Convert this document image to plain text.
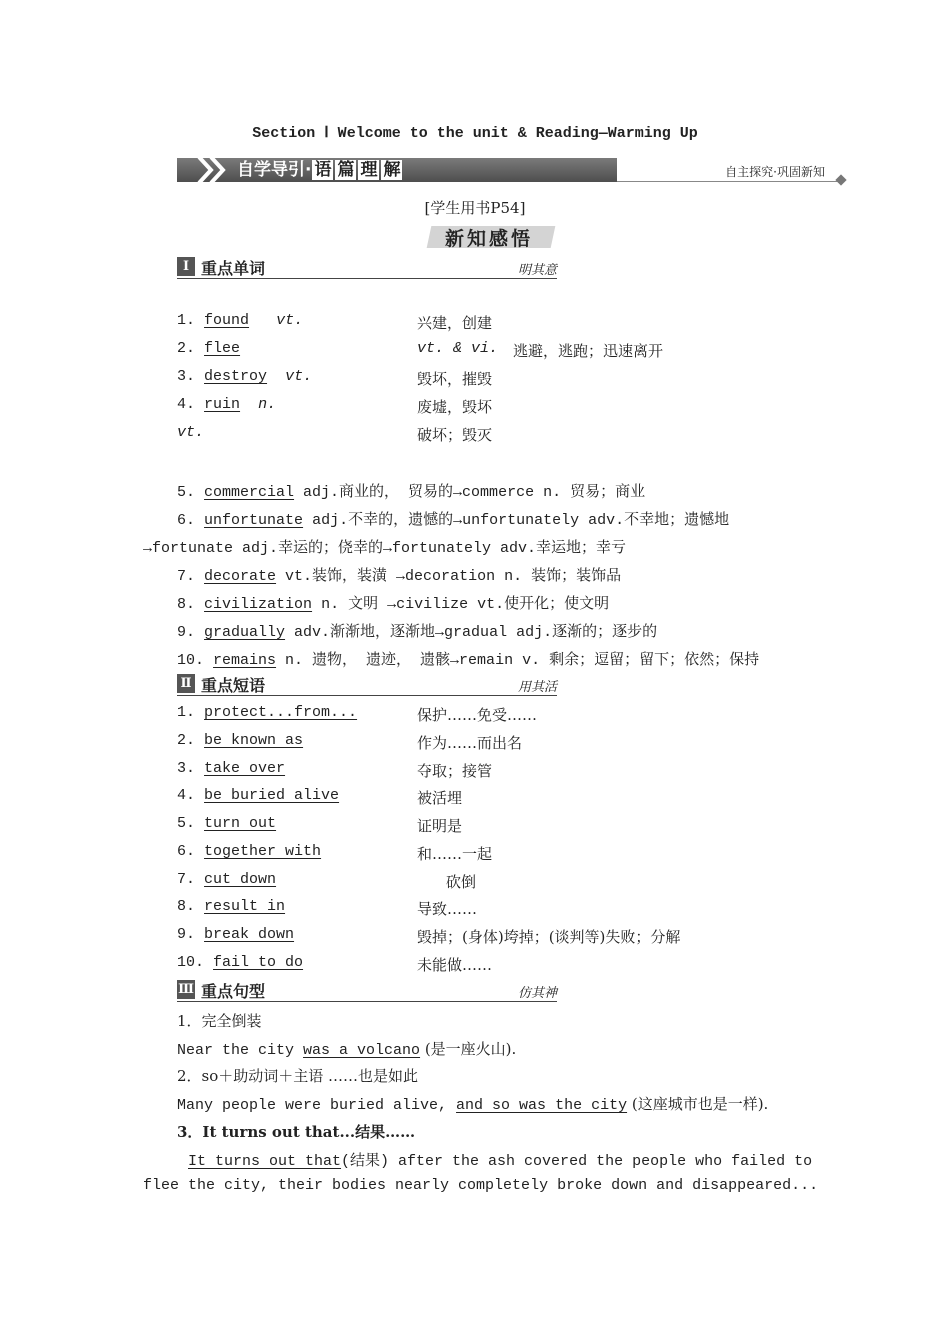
Section Ⅰ Welcome to the unit & Reading—Warming Up
自学导引· 语 篇 理 解	自主探究·巩固新知
[学生用书P54]
新知感悟
Ⅰ 重点单词	明其意
1. found vt.	兴建，创建
2. flee	vt. & vi. 逃避，逃跑；迅速离开
3. destroy vt.	毁坏，摧毁
4. ruin n.	废墟，毁坏
vt.	破坏；毁灭
5. commercial adj.商业的， 贸易的→commerce n. 贸易；商业
6. unfortunate adj.不幸的，遗憾的→unfortunately adv.不幸地；遗憾地
→fortunate adj.幸运的；侥幸的→fortunately adv.幸运地；幸亏
7. decorate vt.装饰，装潢 →decoration n. 装饰；装饰品
8. civilization n. 文明 →civilize vt.使开化；使文明
9. gradually adv.渐渐地，逐渐地→gradual adj.逐渐的；逐步的
10. remains n. 遗物， 遗迹， 遗骸→remain v. 剩余；逗留；留下；依然；保持
Ⅱ 重点短语	用其活
1. protect...from...	保护……免受……
2. be known as	作为……而出名
3. take over	夺取；接管
4. be buried alive	被活埋
5. turn out	证明是
6. together with	和……一起
7. cut down	砍倒
8. result in	导致……
9. break down	毁掉；(身体)垮掉；(谈判等)失败；分解
10. fail to do	未能做……
Ⅲ 重点句型	仿其神
1．完全倒装
Near the city was a volcano (是一座火山).
2．so＋助动词＋主语 ……也是如此
Many people were buried alive, and so was the city (这座城市也是一样).
3．It turns out that...结果……
It turns out that(结果) after the ash covered the people who failed to
flee the city, their bodies nearly completely broke down and disappeared...
